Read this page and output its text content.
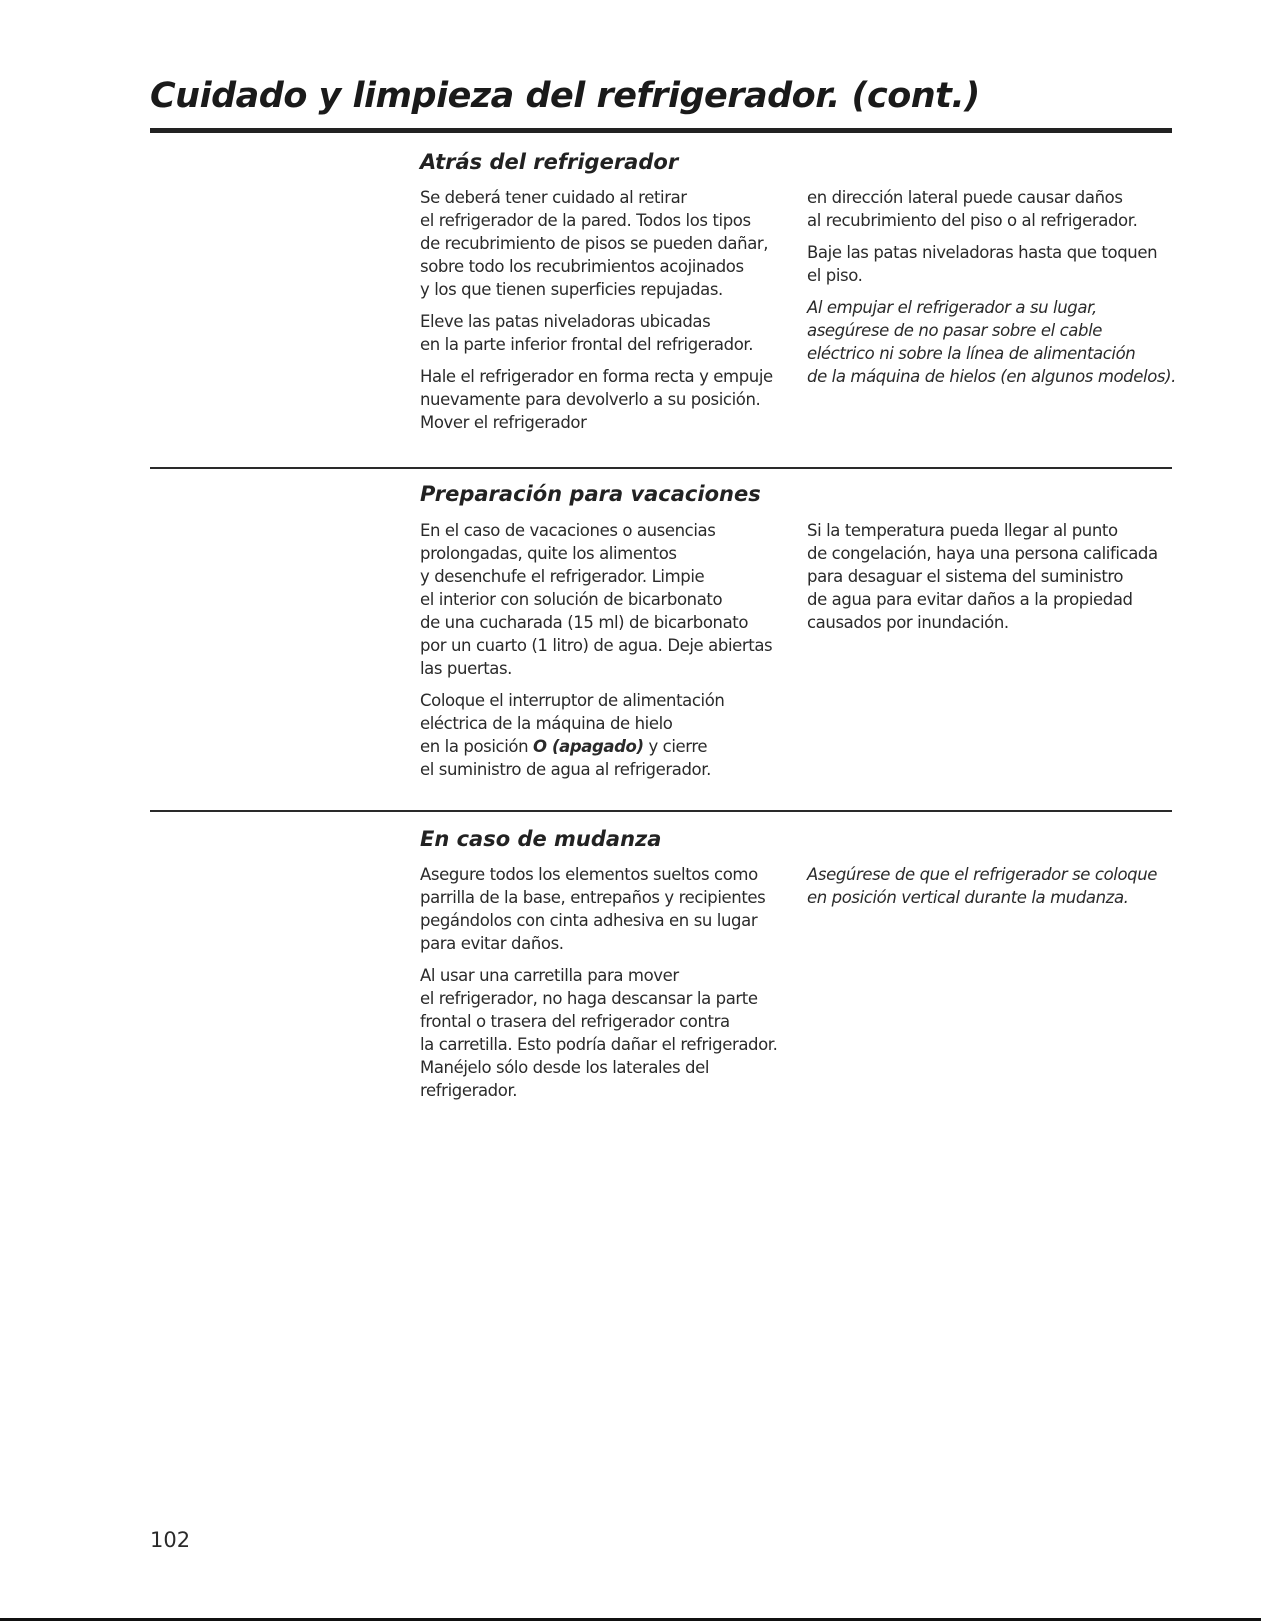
Cuidado y limpieza del refrigerador. (cont.)
Atrás del refrigerador

Se deberá tener cuidado al retirar
el refrigerador de la pared. Todos los tipos
de recubrimiento de pisos se pueden dañar,
sobre todo los recubrimientos acojinados
y los que tienen superficies repujadas.

Eleve las patas niveladoras ubicadas
en la parte inferior frontal del refrigerador.

Hale el refrigerador en forma recta y empuje
nuevamente para devolverlo a su posición.
Mover el refrigerador

en dirección lateral puede causar daños
al recubrimiento del piso o al refrigerador.

Baje las patas niveladoras hasta que toquen
el piso.

Al empujar el refrigerador a su lugar,
asegúrese de no pasar sobre el cable
eléctrico ni sobre la línea de alimentación
de la máquina de hielos (en algunos modelos).

Preparación para vacaciones

En el caso de vacaciones o ausencias
prolongadas, quite los alimentos
y desenchufe el refrigerador. Limpie
el interior con solución de bicarbonato
de una cucharada (15 ml) de bicarbonato
por un cuarto (1 litro) de agua. Deje abiertas
las puertas.

Coloque el interruptor de alimentación
eléctrica de la máquina de hielo
en la posición O (apagado) y cierre
el suministro de agua al refrigerador.

Si la temperatura pueda llegar al punto
de congelación, haya una persona calificada
para desaguar el sistema del suministro
de agua para evitar daños a la propiedad
causados por inundación.

En caso de mudanza

Asegure todos los elementos sueltos como
parrilla de la base, entrepaños y recipientes
pegándolos con cinta adhesiva en su lugar
para evitar daños.

Al usar una carretilla para mover
el refrigerador, no haga descansar la parte
frontal o trasera del refrigerador contra
la carretilla. Esto podría dañar el refrigerador.
Manéjelo sólo desde los laterales del
refrigerador.

Asegúrese de que el refrigerador se coloque
en posición vertical durante la mudanza.

102
